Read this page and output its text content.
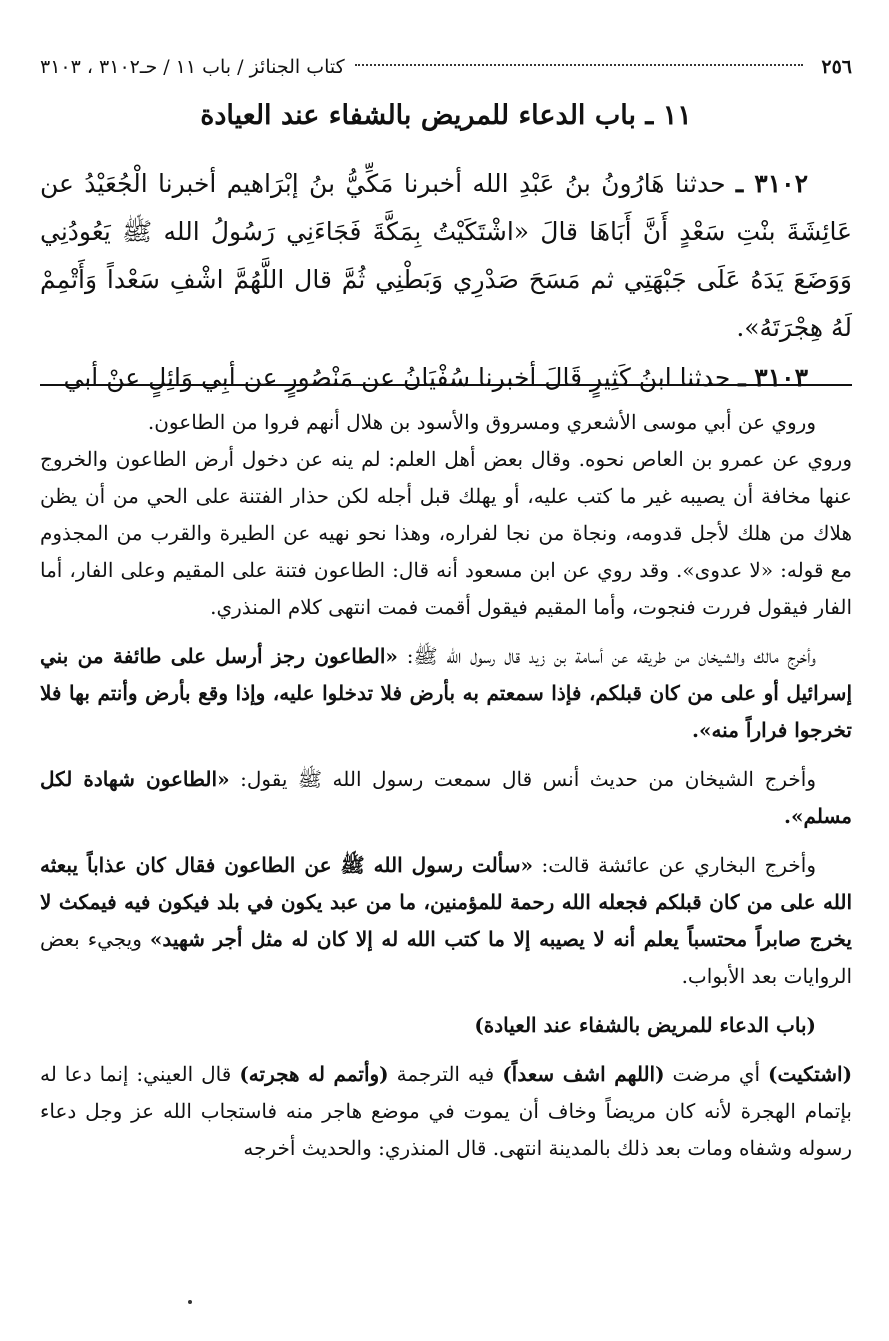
٢٥٦
كتاب الجنائز / باب ١١ / حـ٣١٠٢ ، ٣١٠٣
١١ ـ باب الدعاء للمريض بالشفاء عند العيادة

٣١٠٢ ـ حدثنا هَارُونُ بنُ عَبْدِ الله أخبرنا مَكِّيُّ بنُ إبْرَاهيم أخبرنا الْجُعَيْدُ عن عَائِشَةَ بنْتِ سَعْدٍ أَنَّ أَبَاهَا قالَ «اشْتَكَيْتُ بِمَكَّةَ فَجَاءَنِي رَسُولُ الله ﷺ يَعُودُنِي وَوَضَعَ يَدَهُ عَلَى جَبْهَتِي ثم مَسَحَ صَدْرِي وَبَطْنِي ثُمَّ قال اللَّهُمَّ اشْفِ سَعْداً وَأَتْمِمْ لَهُ هِجْرَتَهُ».

٣١٠٣ ـ حدثنا ابنُ كَثِيرٍ قَالَ أخبرنا سُفْيَانُ عن مَنْصُورٍ عن أبِي وَائِلٍ عنْ أبي

وروي عن أبي موسى الأشعري ومسروق والأسود بن هلال أنهم فروا من الطاعون.

وروي عن عمرو بن العاص نحوه. وقال بعض أهل العلم: لم ينه عن دخول أرض الطاعون والخروج عنها مخافة أن يصيبه غير ما كتب عليه، أو يهلك قبل أجله لكن حذار الفتنة على الحي من أن يظن هلاك من هلك لأجل قدومه، ونجاة من نجا لفراره، وهذا نحو نهيه عن الطيرة والقرب من المجذوم مع قوله: «لا عدوى». وقد روي عن ابن مسعود أنه قال: الطاعون فتنة على المقيم وعلى الفار، أما الفار فيقول فررت فنجوت، وأما المقيم فيقول أقمت فمت انتهى كلام المنذري.

وأخرج مالك والشيخان من طريقه عن أسامة بن زيد قال رسول الله ﷺ: «الطاعون رجز أرسل على طائفة من بني إسرائيل أو على من كان قبلكم، فإذا سمعتم به بأرض فلا تدخلوا عليه، وإذا وقع بأرض وأنتم بها فلا تخرجوا فراراً منه».

وأخرج الشيخان من حديث أنس قال سمعت رسول الله ﷺ يقول: «الطاعون شهادة لكل مسلم».

وأخرج البخاري عن عائشة قالت: «سألت رسول الله ﷺ عن الطاعون فقال كان عذاباً يبعثه الله على من كان قبلكم فجعله الله رحمة للمؤمنين، ما من عبد يكون في بلد فيكون فيه فيمكث لا يخرج صابراً محتسباً يعلم أنه لا يصيبه إلا ما كتب الله له إلا كان له مثل أجر شهيد» ويجيء بعض الروايات بعد الأبواب.

(باب الدعاء للمريض بالشفاء عند العيادة)

(اشتكيت) أي مرضت (اللهم اشف سعداً) فيه الترجمة (وأتمم له هجرته) قال العيني: إنما دعا له بإتمام الهجرة لأنه كان مريضاً وخاف أن يموت في موضع هاجر منه فاستجاب الله عز وجل دعاء رسوله وشفاه ومات بعد ذلك بالمدينة انتهى. قال المنذري: والحديث أخرجه
